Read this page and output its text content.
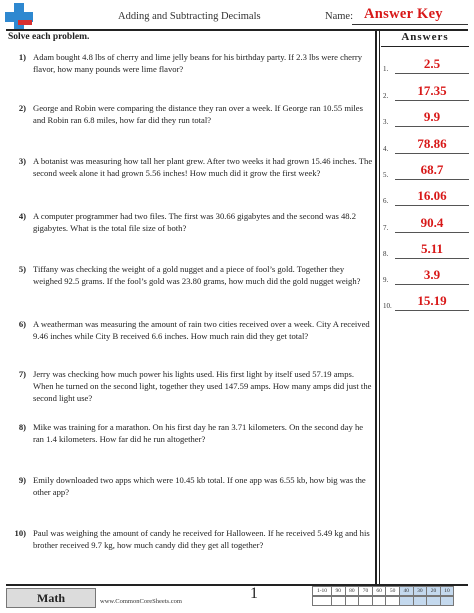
Adding and Subtracting Decimals	Name: Answer Key
Solve each problem.	Answers
1) Adam bought 4.8 lbs of cherry and lime jelly beans for his birthday party. If 2.3 lbs were cherry flavor, how many pounds were lime flavor?
2) George and Robin were comparing the distance they ran over a week. If George ran 10.55 miles and Robin ran 6.8 miles, how far did they run total?
3) A botanist was measuring how tall her plant grew. After two weeks it had grown 15.46 inches. The second week alone it had grown 5.56 inches! How much did it grow the first week?
4) A computer programmer had two files. The first was 30.66 gigabytes and the second was 48.2 gigabytes. What is the total file size of both?
5) Tiffany was checking the weight of a gold nugget and a piece of fool’s gold. Together they weighed 92.5 grams. If the fool’s gold was 23.80 grams, how much did the gold nugget weigh?
6) A weatherman was measuring the amount of rain two cities received over a week. City A received 9.46 inches while City B received 6.6 inches. How much rain did they get total?
7) Jerry was checking how much power his lights used. His first light by itself used 57.19 amps. When he turned on the second light, together they used 147.59 amps. How many amps did just the second light use?
8) Mike was training for a marathon. On his first day he ran 3.71 kilometers. On the second day he ran 1.4 kilometers. How far did he run altogether?
9) Emily downloaded two apps which were 10.45 kb total. If one app was 6.55 kb, how big was the other app?
10) Paul was weighing the amount of candy he received for Halloween. If he received 5.49 kg and his brother received 9.7 kg, how much candy did they get all together?
1.	2.5
2.	17.35
3.	9.9
4.	78.86
5.	68.7
6.	16.06
7.	90.4
8.	5.11
9.	3.9
10.	15.19
Math	www.CommonCoreSheets.com	1	1-10	90	80	70	60	50	40	30	20	10
